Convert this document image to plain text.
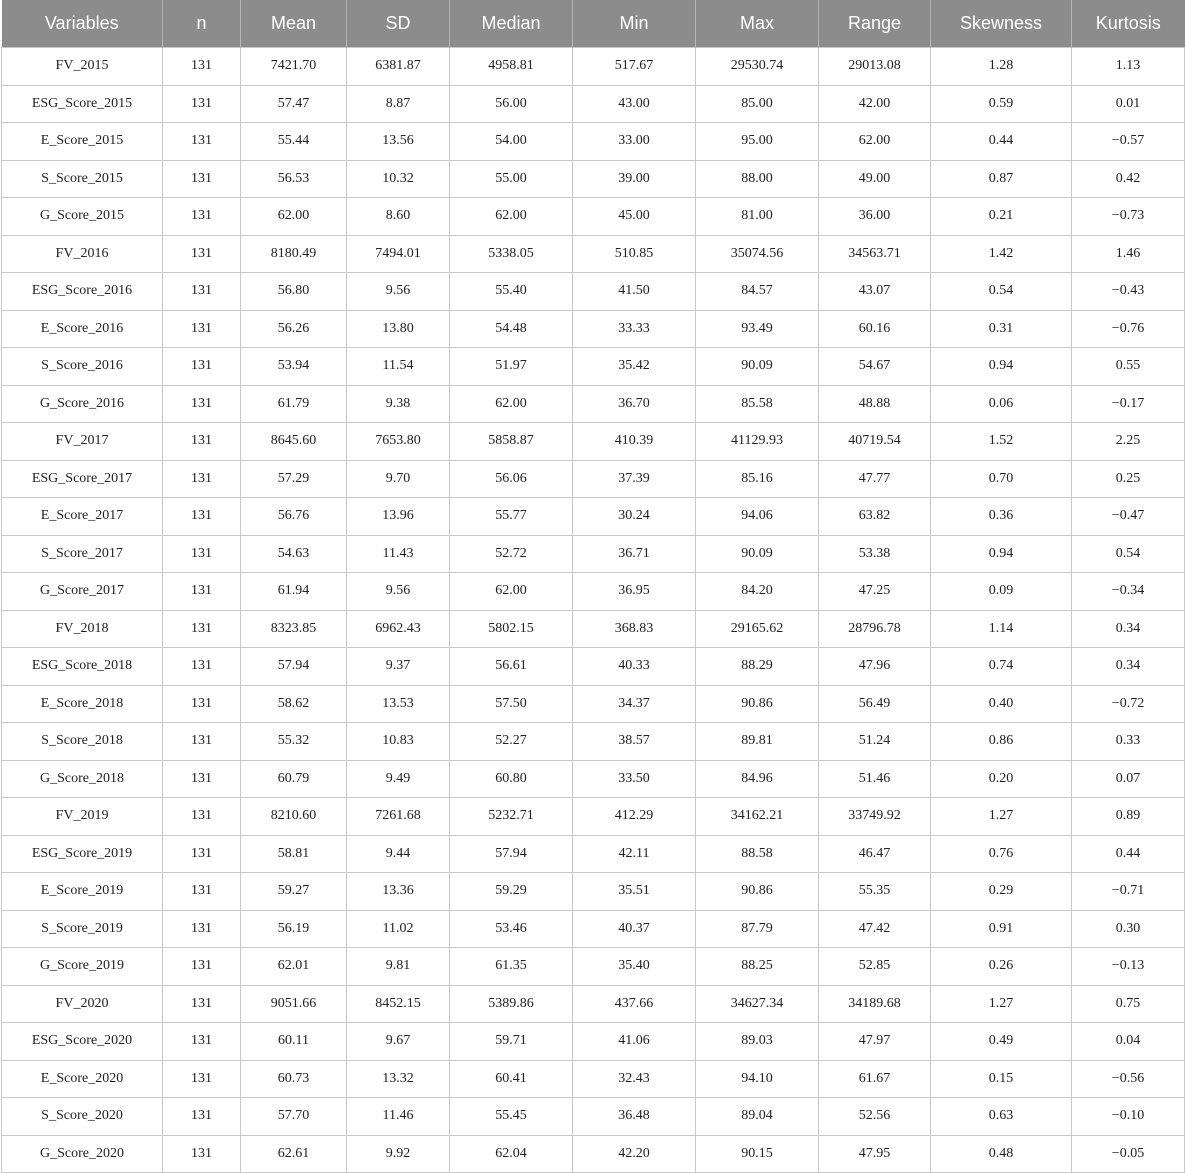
Variables	n	Mean	SD	Median	Min	Max	Range	Skewness	Kurtosis
FV_2015	131	7421.70	6381.87	4958.81	517.67	29530.74	29013.08	1.28	1.13
ESG_Score_2015	131	57.47	8.87	56.00	43.00	85.00	42.00	0.59	0.01
E_Score_2015	131	55.44	13.56	54.00	33.00	95.00	62.00	0.44	−0.57
S_Score_2015	131	56.53	10.32	55.00	39.00	88.00	49.00	0.87	0.42
G_Score_2015	131	62.00	8.60	62.00	45.00	81.00	36.00	0.21	−0.73
FV_2016	131	8180.49	7494.01	5338.05	510.85	35074.56	34563.71	1.42	1.46
ESG_Score_2016	131	56.80	9.56	55.40	41.50	84.57	43.07	0.54	−0.43
E_Score_2016	131	56.26	13.80	54.48	33.33	93.49	60.16	0.31	−0.76
S_Score_2016	131	53.94	11.54	51.97	35.42	90.09	54.67	0.94	0.55
G_Score_2016	131	61.79	9.38	62.00	36.70	85.58	48.88	0.06	−0.17
FV_2017	131	8645.60	7653.80	5858.87	410.39	41129.93	40719.54	1.52	2.25
ESG_Score_2017	131	57.29	9.70	56.06	37.39	85.16	47.77	0.70	0.25
E_Score_2017	131	56.76	13.96	55.77	30.24	94.06	63.82	0.36	−0.47
S_Score_2017	131	54.63	11.43	52.72	36.71	90.09	53.38	0.94	0.54
G_Score_2017	131	61.94	9.56	62.00	36.95	84.20	47.25	0.09	−0.34
FV_2018	131	8323.85	6962.43	5802.15	368.83	29165.62	28796.78	1.14	0.34
ESG_Score_2018	131	57.94	9.37	56.61	40.33	88.29	47.96	0.74	0.34
E_Score_2018	131	58.62	13.53	57.50	34.37	90.86	56.49	0.40	−0.72
S_Score_2018	131	55.32	10.83	52.27	38.57	89.81	51.24	0.86	0.33
G_Score_2018	131	60.79	9.49	60.80	33.50	84.96	51.46	0.20	0.07
FV_2019	131	8210.60	7261.68	5232.71	412.29	34162.21	33749.92	1.27	0.89
ESG_Score_2019	131	58.81	9.44	57.94	42.11	88.58	46.47	0.76	0.44
E_Score_2019	131	59.27	13.36	59.29	35.51	90.86	55.35	0.29	−0.71
S_Score_2019	131	56.19	11.02	53.46	40.37	87.79	47.42	0.91	0.30
G_Score_2019	131	62.01	9.81	61.35	35.40	88.25	52.85	0.26	−0.13
FV_2020	131	9051.66	8452.15	5389.86	437.66	34627.34	34189.68	1.27	0.75
ESG_Score_2020	131	60.11	9.67	59.71	41.06	89.03	47.97	0.49	0.04
E_Score_2020	131	60.73	13.32	60.41	32.43	94.10	61.67	0.15	−0.56
S_Score_2020	131	57.70	11.46	55.45	36.48	89.04	52.56	0.63	−0.10
G_Score_2020	131	62.61	9.92	62.04	42.20	90.15	47.95	0.48	−0.05
